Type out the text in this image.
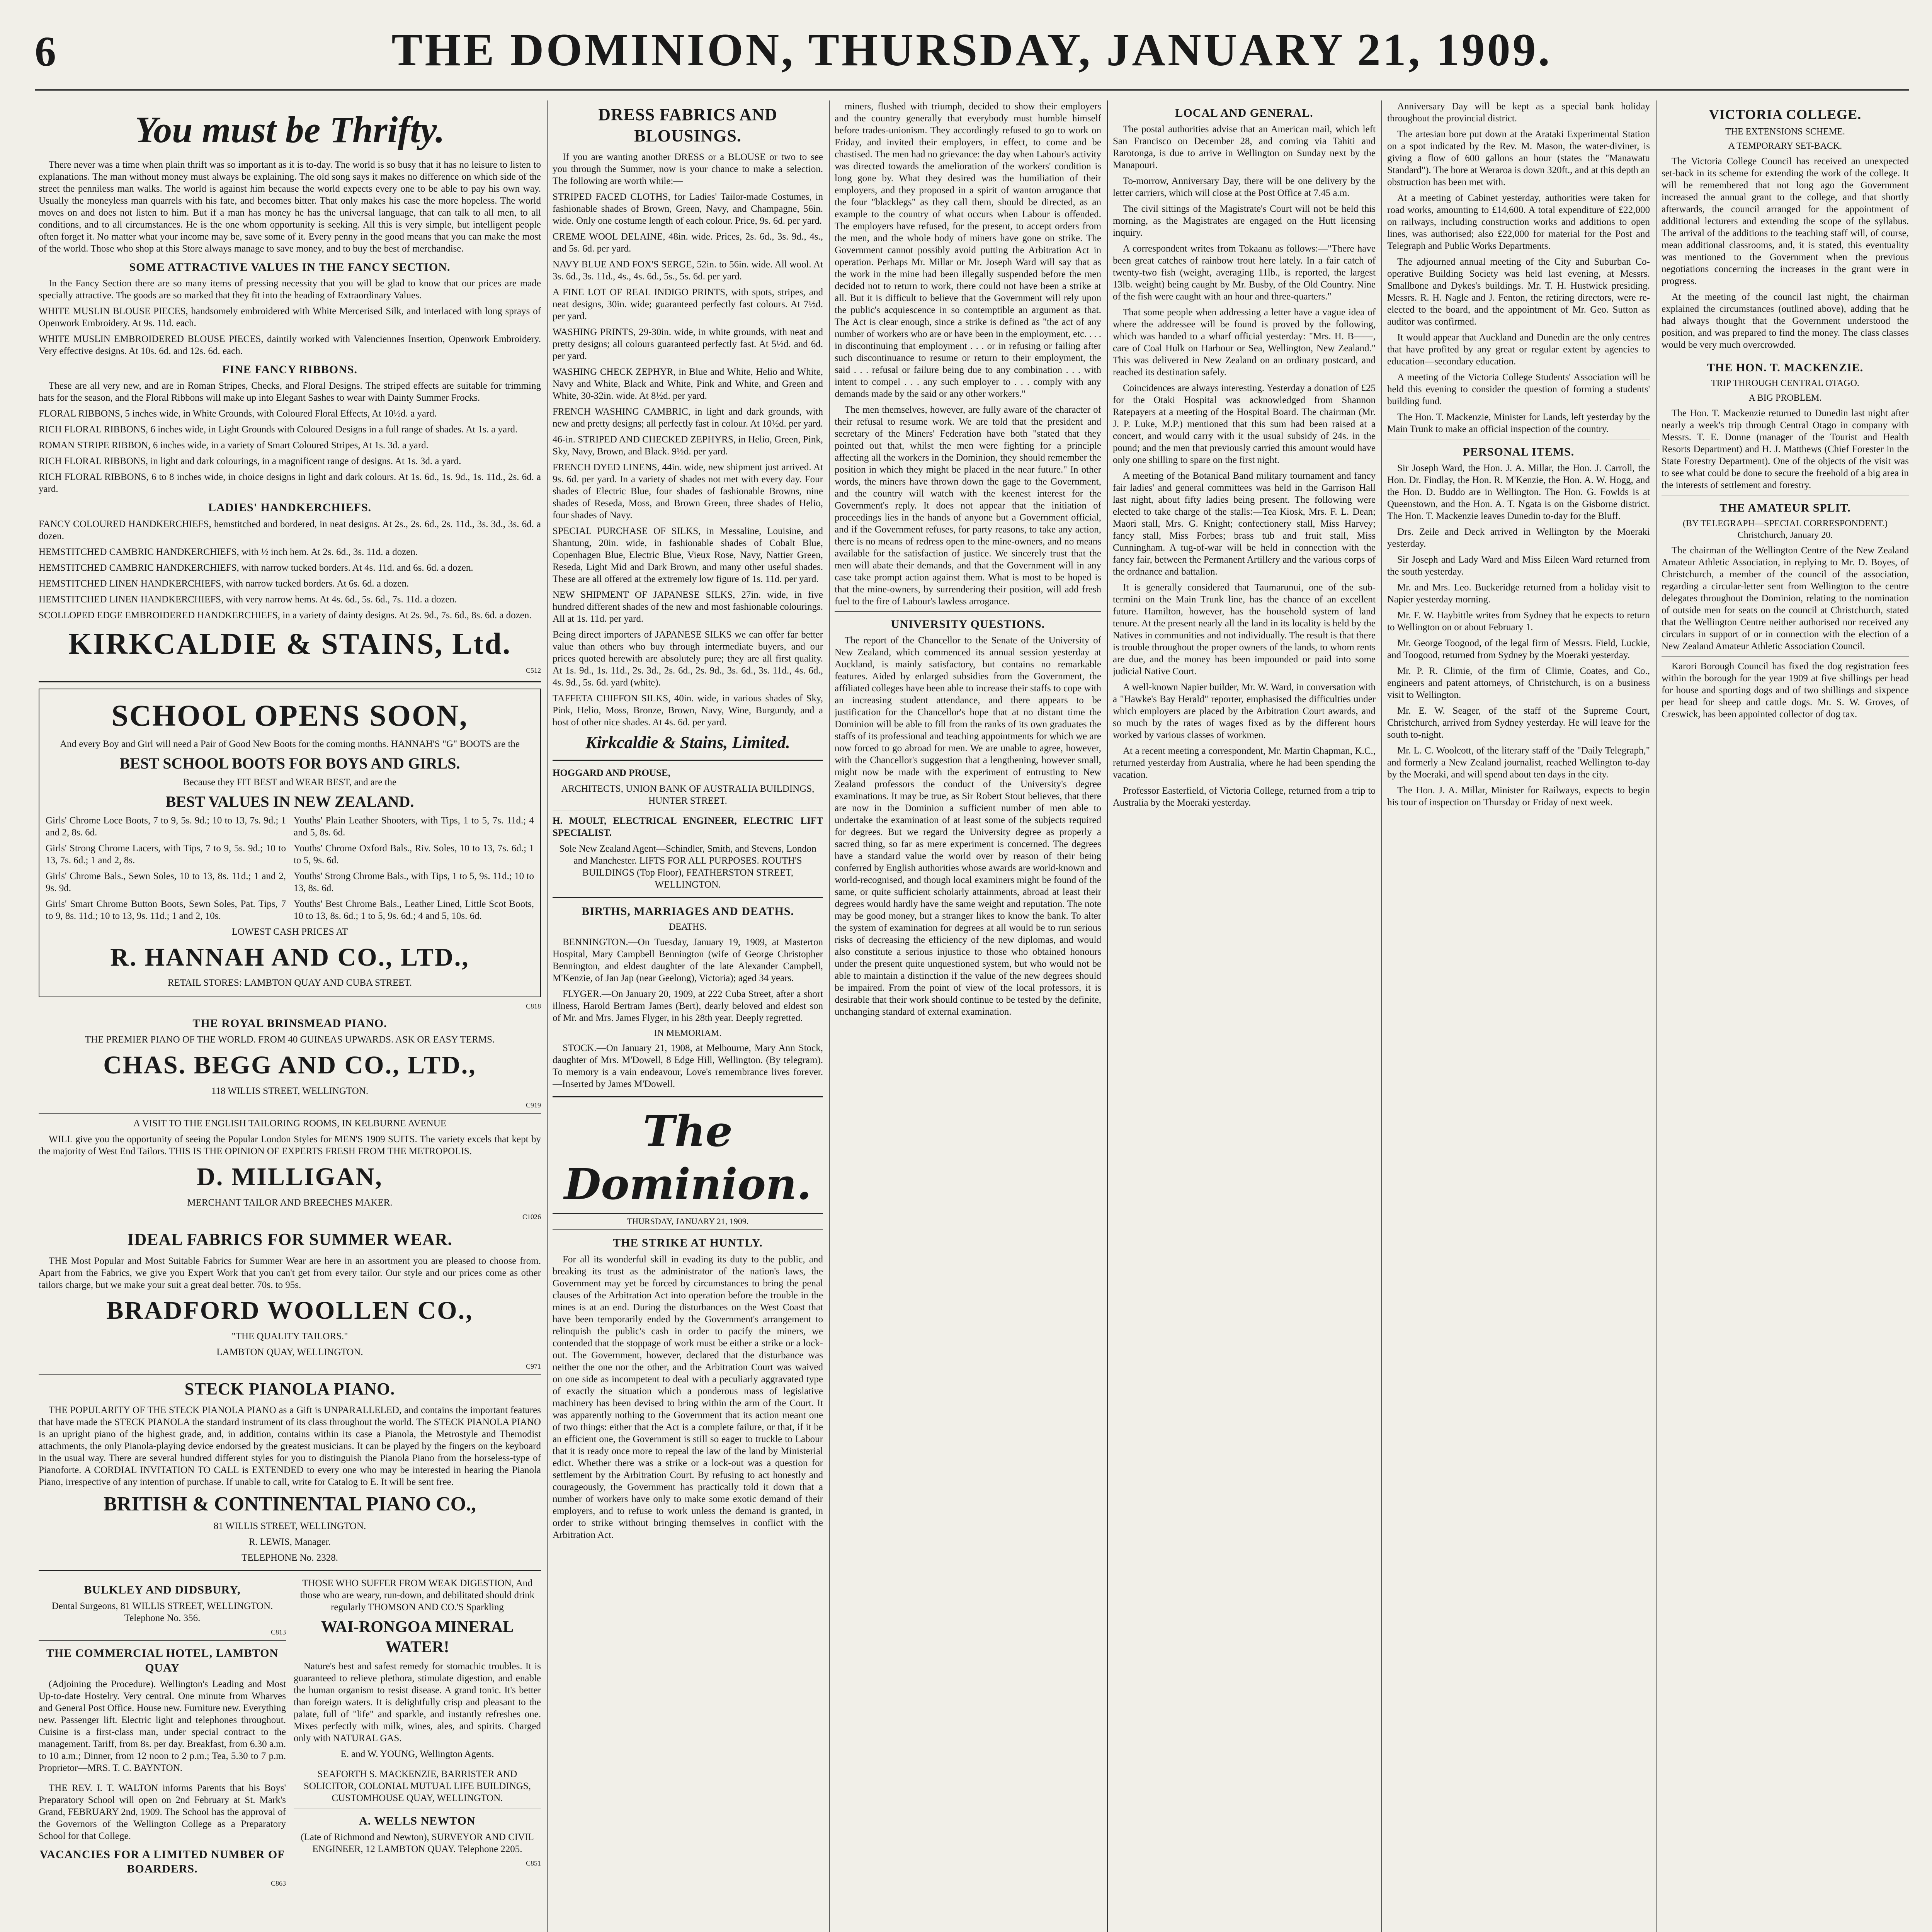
6	THE DOMINION, THURSDAY, JANUARY 21, 1909.
You must be Thrifty.

There never was a time when plain thrift was so important as it is to-day. The world is so busy that it has no leisure to listen to explanations. The man without money must always be explaining. The old song says it makes no difference on which side of the street the penniless man walks. The world is against him because the world expects every one to be able to pay his own way. Usually the moneyless man quarrels with his fate, and becomes bitter. That only makes his case the more hopeless. The world moves on and does not listen to him. But if a man has money he has the universal language, that can talk to all men, to all conditions, and to all circumstances. He is the one whom opportunity is seeking. All this is very simple, but intelligent people often forget it. No matter what your income may be, save some of it. Every penny in the good means that you can make the most of the world. Those who shop at this Store always manage to save money, and to buy the best of merchandise.

SOME ATTRACTIVE VALUES IN THE FANCY SECTION.

In the Fancy Section there are so many items of pressing necessity that you will be glad to know that our prices are made specially attractive. The goods are so marked that they fit into the heading of Extraordinary Values.

WHITE MUSLIN BLOUSE PIECES, handsomely embroidered with White Mercerised Silk, and interlaced with long sprays of Openwork Embroidery. At 9s. 11d. each.

WHITE MUSLIN EMBROIDERED BLOUSE PIECES, daintily worked with Valenciennes Insertion, Openwork Embroidery. Very effective designs. At 10s. 6d. and 12s. 6d. each.

FINE FANCY RIBBONS.

These are all very new, and are in Roman Stripes, Checks, and Floral Designs. The striped effects are suitable for trimming hats for the season, and the Floral Ribbons will make up into Elegant Sashes to wear with Dainty Summer Frocks.

FLORAL RIBBONS, 5 inches wide, in White Grounds, with Coloured Floral Effects, At 10½d. a yard.

RICH FLORAL RIBBONS, 6 inches wide, in Light Grounds with Coloured Designs in a full range of shades. At 1s. a yard.

ROMAN STRIPE RIBBON, 6 inches wide, in a variety of Smart Coloured Stripes, At 1s. 3d. a yard.

RICH FLORAL RIBBONS, in light and dark colourings, in a magnificent range of designs. At 1s. 3d. a yard.

RICH FLORAL RIBBONS, 6 to 8 inches wide, in choice designs in light and dark colours. At 1s. 6d., 1s. 9d., 1s. 11d., 2s. 6d. a yard.

LADIES' HANDKERCHIEFS.

FANCY COLOURED HANDKERCHIEFS, hemstitched and bordered, in neat designs. At 2s., 2s. 6d., 2s. 11d., 3s. 3d., 3s. 6d. a dozen.

HEMSTITCHED CAMBRIC HANDKERCHIEFS, with ½ inch hem. At 2s. 6d., 3s. 11d. a dozen.

HEMSTITCHED CAMBRIC HANDKERCHIEFS, with narrow tucked borders. At 4s. 11d. and 6s. 6d. a dozen.

HEMSTITCHED LINEN HANDKERCHIEFS, with narrow tucked borders. At 6s. 6d. a dozen.

HEMSTITCHED LINEN HANDKERCHIEFS, with very narrow hems. At 4s. 6d., 5s. 6d., 7s. 11d. a dozen.

SCOLLOPED EDGE EMBROIDERED HANDKERCHIEFS, in a variety of dainty designs. At 2s. 9d., 7s. 6d., 8s. 6d. a dozen.

KIRKCALDIE & STAINS, Ltd.

C512

SCHOOL OPENS SOON,

And every Boy and Girl will need a Pair of Good New Boots for the coming months. HANNAH'S "G" BOOTS are the

BEST SCHOOL BOOTS FOR BOYS AND GIRLS.

Because they FIT BEST and WEAR BEST, and are the

BEST VALUES IN NEW ZEALAND.

Girls' Chrome Loce Boots, 7 to 9, 5s. 9d.; 10 to 13, 7s. 9d.; 1 and 2, 8s. 6d.

Girls' Strong Chrome Lacers, with Tips, 7 to 9, 5s. 9d.; 10 to 13, 7s. 6d.; 1 and 2, 8s.

Girls' Chrome Bals., Sewn Soles, 10 to 13, 8s. 11d.; 1 and 2, 9s. 9d.

Girls' Smart Chrome Button Boots, Sewn Soles, Pat. Tips, 7 to 9, 8s. 11d.; 10 to 13, 9s. 11d.; 1 and 2, 10s.

Youths' Plain Leather Shooters, with Tips, 1 to 5, 7s. 11d.; 4 and 5, 8s. 6d.

Youths' Chrome Oxford Bals., Riv. Soles, 10 to 13, 7s. 6d.; 1 to 5, 9s. 6d.

Youths' Strong Chrome Bals., with Tips, 1 to 5, 9s. 11d.; 10 to 13, 8s. 6d.

Youths' Best Chrome Bals., Leather Lined, Little Scot Boots, 10 to 13, 8s. 6d.; 1 to 5, 9s. 6d.; 4 and 5, 10s. 6d.

LOWEST CASH PRICES AT

R. HANNAH AND CO., LTD.,

RETAIL STORES: LAMBTON QUAY AND CUBA STREET.

C818

THE ROYAL BRINSMEAD PIANO.

THE PREMIER PIANO OF THE WORLD. FROM 40 GUINEAS UPWARDS. ASK OR EASY TERMS.

CHAS. BEGG AND CO., LTD.,

118 WILLIS STREET, WELLINGTON.

C919

A VISIT TO THE ENGLISH TAILORING ROOMS, IN KELBURNE AVENUE

WILL give you the opportunity of seeing the Popular London Styles for MEN'S 1909 SUITS. The variety excels that kept by the majority of West End Tailors. THIS IS THE OPINION OF EXPERTS FRESH FROM THE METROPOLIS.

D. MILLIGAN,

MERCHANT TAILOR AND BREECHES MAKER.

C1026

IDEAL FABRICS FOR SUMMER WEAR.

THE Most Popular and Most Suitable Fabrics for Summer Wear are here in an assortment you are pleased to choose from. Apart from the Fabrics, we give you Expert Work that you can't get from every tailor. Our style and our prices come as other tailors charge, but we make your suit a great deal better. 70s. to 95s.

BRADFORD WOOLLEN CO.,

"THE QUALITY TAILORS."

LAMBTON QUAY, WELLINGTON.

C971

STECK PIANOLA PIANO.

THE POPULARITY OF THE STECK PIANOLA PIANO as a Gift is UNPARALLELED, and contains the important features that have made the STECK PIANOLA the standard instrument of its class throughout the world. The STECK PIANOLA PIANO is an upright piano of the highest grade, and, in addition, contains within its case a Pianola, the Metrostyle and Themodist attachments, the only Pianola-playing device endorsed by the greatest musicians. It can be played by the fingers on the keyboard in the usual way. There are several hundred different styles for you to distinguish the Pianola Piano from the horseless-type of Pianoforte. A CORDIAL INVITATION TO CALL is EXTENDED to every one who may be interested in hearing the Pianola Piano, irrespective of any intention of purchase. If unable to call, write for Catalog to E. It will be sent free.

BRITISH & CONTINENTAL PIANO CO.,

81 WILLIS STREET, WELLINGTON.

R. LEWIS, Manager.

TELEPHONE No. 2328.

BULKLEY AND DIDSBURY,

Dental Surgeons, 81 WILLIS STREET, WELLINGTON. Telephone No. 356.

C813

THE COMMERCIAL HOTEL, LAMBTON QUAY

(Adjoining the Procedure). Wellington's Leading and Most Up-to-date Hostelry. Very central. One minute from Wharves and General Post Office. House new. Furniture new. Everything new. Passenger lift. Electric light and telephones throughout. Cuisine is a first-class man, under special contract to the management. Tariff, from 8s. per day. Breakfast, from 6.30 a.m. to 10 a.m.; Dinner, from 12 noon to 2 p.m.; Tea, 5.30 to 7 p.m. Proprietor—MRS. T. C. BAYNTON.

THE REV. I. T. WALTON informs Parents that his Boys' Preparatory School will open on 2nd February at St. Mark's Grand, FEBRUARY 2nd, 1909. The School has the approval of the Governors of the Wellington College as a Preparatory School for that College.

VACANCIES FOR A LIMITED NUMBER OF BOARDERS.

C863

THOSE WHO SUFFER FROM WEAK DIGESTION, And those who are weary, run-down, and debilitated should drink regularly THOMSON AND CO.'S Sparkling

WAI-RONGOA MINERAL WATER!

Nature's best and safest remedy for stomachic troubles. It is guaranteed to relieve plethora, stimulate digestion, and enable the human organism to resist disease. A grand tonic. It's better than foreign waters. It is delightfully crisp and pleasant to the palate, full of "life" and sparkle, and instantly refreshes one. Mixes perfectly with milk, wines, ales, and spirits. Charged only with NATURAL GAS.

E. and W. YOUNG, Wellington Agents.

SEAFORTH S. MACKENZIE, BARRISTER AND SOLICITOR, COLONIAL MUTUAL LIFE BUILDINGS, CUSTOMHOUSE QUAY, WELLINGTON.

A. WELLS NEWTON

(Late of Richmond and Newton), SURVEYOR AND CIVIL ENGINEER, 12 LAMBTON QUAY. Telephone 2205.

C851

DRESS FABRICS AND BLOUSINGS.

If you are wanting another DRESS or a BLOUSE or two to see you through the Summer, now is your chance to make a selection. The following are worth while:—

STRIPED FACED CLOTHS, for Ladies' Tailor-made Costumes, in fashionable shades of Brown, Green, Navy, and Champagne, 56in. wide. Only one costume length of each colour. Price, 9s. 6d. per yard.

CREME WOOL DELAINE, 48in. wide. Prices, 2s. 6d., 3s. 9d., 4s., and 5s. 6d. per yard.

NAVY BLUE AND FOX'S SERGE, 52in. to 56in. wide. All wool. At 3s. 6d., 3s. 11d., 4s., 4s. 6d., 5s., 5s. 6d. per yard.

A FINE LOT OF REAL INDIGO PRINTS, with spots, stripes, and neat designs, 30in. wide; guaranteed perfectly fast colours. At 7½d. per yard.

WASHING PRINTS, 29-30in. wide, in white grounds, with neat and pretty designs; all colours guaranteed perfectly fast. At 5½d. and 6d. per yard.

WASHING CHECK ZEPHYR, in Blue and White, Helio and White, Navy and White, Black and White, Pink and White, and Green and White, 30-32in. wide. At 8½d. per yard.

FRENCH WASHING CAMBRIC, in light and dark grounds, with new and pretty designs; all perfectly fast in colour. At 10½d. per yard.

46-in. STRIPED AND CHECKED ZEPHYRS, in Helio, Green, Pink, Sky, Navy, Brown, and Black. 9½d. per yard.

FRENCH DYED LINENS, 44in. wide, new shipment just arrived. At 9s. 6d. per yard. In a variety of shades not met with every day. Four shades of Electric Blue, four shades of fashionable Browns, nine shades of Reseda, Moss, and Brown Green, three shades of Helio, four shades of Navy.

SPECIAL PURCHASE OF SILKS, in Messaline, Louisine, and Shantung, 20in. wide, in fashionable shades of Cobalt Blue, Copenhagen Blue, Electric Blue, Vieux Rose, Navy, Nattier Green, Reseda, Light Mid and Dark Brown, and many other useful shades. These are all offered at the extremely low figure of 1s. 11d. per yard.

NEW SHIPMENT OF JAPANESE SILKS, 27in. wide, in five hundred different shades of the new and most fashionable colourings. All at 1s. 11d. per yard.

Being direct importers of JAPANESE SILKS we can offer far better value than others who buy through intermediate buyers, and our prices quoted herewith are absolutely pure; they are all first quality. At 1s. 9d., 1s. 11d., 2s. 3d., 2s. 6d., 2s. 9d., 3s. 6d., 3s. 11d., 4s. 6d., 4s. 9d., 5s. 6d. yard (white).

TAFFETA CHIFFON SILKS, 40in. wide, in various shades of Sky, Pink, Helio, Moss, Bronze, Brown, Navy, Wine, Burgundy, and a host of other nice shades. At 4s. 6d. per yard.

Kirkcaldie & Stains, Limited.

HOGGARD AND PROUSE,

ARCHITECTS, UNION BANK OF AUSTRALIA BUILDINGS, HUNTER STREET.

H. MOULT, ELECTRICAL ENGINEER, ELECTRIC LIFT SPECIALIST.

Sole New Zealand Agent—Schindler, Smith, and Stevens, London and Manchester. LIFTS FOR ALL PURPOSES. ROUTH'S BUILDINGS (Top Floor), FEATHERSTON STREET, WELLINGTON.

BIRTHS, MARRIAGES AND DEATHS.
DEATHS.

BENNINGTON.—On Tuesday, January 19, 1909, at Masterton Hospital, Mary Campbell Bennington (wife of George Christopher Bennington, and eldest daughter of the late Alexander Campbell, M'Kenzie, of Jan Jap (near Geelong), Victoria); aged 34 years.

FLYGER.—On January 20, 1909, at 222 Cuba Street, after a short illness, Harold Bertram James (Bert), dearly beloved and eldest son of Mr. and Mrs. James Flyger, in his 28th year. Deeply regretted.

IN MEMORIAM.

STOCK.—On January 21, 1908, at Melbourne, Mary Ann Stock, daughter of Mrs. M'Dowell, 8 Edge Hill, Wellington. (By telegram). To memory is a vain endeavour, Love's remembrance lives forever. —Inserted by James M'Dowell.

The Dominion.
THURSDAY, JANUARY 21, 1909.
THE STRIKE AT HUNTLY.

For all its wonderful skill in evading its duty to the public, and breaking its trust as the administrator of the nation's laws, the Government may yet be forced by circumstances to bring the penal clauses of the Arbitration Act into operation before the trouble in the mines is at an end. During the disturbances on the West Coast that have been temporarily ended by the Government's arrangement to relinquish the public's cash in order to pacify the miners, we contended that the stoppage of work must be either a strike or a lock-out. The Government, however, declared that the disturbance was neither the one nor the other, and the Arbitration Court was waived on one side as incompetent to deal with a peculiarly aggravated type of exactly the situation which a ponderous mass of legislative machinery has been devised to bring within the arm of the Court. It was apparently nothing to the Government that its action meant one of two things: either that the Act is a complete failure, or that, if it be an efficient one, the Government is still so eager to truckle to Labour that it is ready once more to repeal the law of the land by Ministerial edict. Whether there was a strike or a lock-out was a question for settlement by the Arbitration Court. By refusing to act honestly and courageously, the Government has practically told it down that a number of workers have only to make some exotic demand of their employers, and to refuse to work unless the demand is granted, in order to strike without bringing themselves in conflict with the Arbitration Act.

miners, flushed with triumph, decided to show their employers and the country generally that everybody must humble himself before trades-unionism. They accordingly refused to go to work on Friday, and invited their employers, in effect, to come and be chastised. The men had no grievance: the day when Labour's activity was directed towards the amelioration of the workers' condition is long gone by. What they desired was the humiliation of their employers, and they proposed in a spirit of wanton arrogance that the four "blacklegs" as they call them, should be directed, as an example to the country of what occurs when Labour is offended. The employers have refused, for the present, to accept orders from the men, and the whole body of miners have gone on strike. The Government cannot possibly avoid putting the Arbitration Act in operation. Perhaps Mr. Millar or Mr. Joseph Ward will say that as the work in the mine had been illegally suspended before the men decided not to return to work, there could not have been a strike at all. But it is difficult to believe that the Government will rely upon the public's acquiescence in so contemptible an argument as that. The Act is clear enough, since a strike is defined as "the act of any number of workers who are or have been in the employment, etc. . . . in discontinuing that employment . . . or in refusing or failing after such discontinuance to resume or return to their employment, the said . . . refusal or failure being due to any combination . . . with intent to compel . . . any such employer to . . . comply with any demands made by the said or any other workers."

The men themselves, however, are fully aware of the character of their refusal to resume work. We are told that the president and secretary of the Miners' Federation have both "stated that they pointed out that, whilst the men were fighting for a principle affecting all the workers in the Dominion, they should remember the position in which they might be placed in the near future." In other words, the miners have thrown down the gage to the Government, and the country will watch with the keenest interest for the Government's reply. It does not appear that the initiation of proceedings lies in the hands of anyone but a Government official, and if the Government refuses, for party reasons, to take any action, there is no means of redress open to the mine-owners, and no means available for the satisfaction of justice. We sincerely trust that the men will abate their demands, and that the Government will in any case take prompt action against them. What is most to be hoped is that the mine-owners, by surrendering their position, will add fresh fuel to the fire of Labour's lawless arrogance.

UNIVERSITY QUESTIONS.

The report of the Chancellor to the Senate of the University of New Zealand, which commenced its annual session yesterday at Auckland, is mainly satisfactory, but contains no remarkable features. Aided by enlarged subsidies from the Government, the affiliated colleges have been able to increase their staffs to cope with an increasing student attendance, and there appears to be justification for the Chancellor's hope that at no distant time the Dominion will be able to fill from the ranks of its own graduates the staffs of its professional and teaching appointments for which we are now forced to go abroad for men. We are unable to agree, however, with the Chancellor's suggestion that a lengthening, however small, might now be made with the experiment of entrusting to New Zealand professors the conduct of the University's degree examinations. It may be true, as Sir Robert Stout believes, that there are now in the Dominion a sufficient number of men able to undertake the examination of at least some of the subjects required for degrees. But we regard the University degree as properly a sacred thing, so far as mere experiment is concerned. The degrees have a standard value the world over by reason of their being conferred by English authorities whose awards are world-known and world-recognised, and though local examiners might be found of the same, or quite sufficient scholarly attainments, abroad at least their degrees would hardly have the same weight and reputation. The note may be good money, but a stranger likes to know the bank. To alter the system of examination for degrees at all would be to run serious risks of decreasing the efficiency of the new diplomas, and would also constitute a serious injustice to those who obtained honours under the present quite unquestioned system, but who would not be able to maintain a distinction if the value of the new degrees should be impaired. From the point of view of the local professors, it is desirable that their work should continue to be tested by the definite, unchanging standard of external examination.

LOCAL AND GENERAL.

The postal authorities advise that an American mail, which left San Francisco on December 28, and coming via Tahiti and Rarotonga, is due to arrive in Wellington on Sunday next by the Manapouri.

To-morrow, Anniversary Day, there will be one delivery by the letter carriers, which will close at the Post Office at 7.45 a.m.

The civil sittings of the Magistrate's Court will not be held this morning, as the Magistrates are engaged on the Hutt licensing inquiry.

A correspondent writes from Tokaanu as follows:—"There have been great catches of rainbow trout here lately. In a fair catch of twenty-two fish (weight, averaging 11lb., is reported, the largest 13lb. weight) being caught by Mr. Busby, of the Old Country. Nine of the fish were caught with an hour and three-quarters."

That some people when addressing a letter have a vague idea of where the addressee will be found is proved by the following, which was handed to a wharf official yesterday: "Mrs. H. B——, care of Coal Hulk on Harbour or Sea, Wellington, New Zealand." This was delivered in New Zealand on an ordinary postcard, and reached its destination safely.

Coincidences are always interesting. Yesterday a donation of £25 for the Otaki Hospital was acknowledged from Shannon Ratepayers at a meeting of the Hospital Board. The chairman (Mr. J. P. Luke, M.P.) mentioned that this sum had been raised at a concert, and would carry with it the usual subsidy of 24s. in the pound; and the men that previously carried this amount would have only one shilling to spare on the first night.

A meeting of the Botanical Band military tournament and fancy fair ladies' and general committees was held in the Garrison Hall last night, about fifty ladies being present. The following were elected to take charge of the stalls:—Tea Kiosk, Mrs. F. L. Dean; Maori stall, Mrs. G. Knight; confectionery stall, Miss Harvey; fancy stall, Miss Forbes; brass tub and fruit stall, Miss Cunningham. A tug-of-war will be held in connection with the fancy fair, between the Permanent Artillery and the various corps of the ordnance and battalion.

It is generally considered that Taumarunui, one of the sub-termini on the Main Trunk line, has the chance of an excellent future. Hamilton, however, has the household system of land tenure. At the present nearly all the land in its locality is held by the Natives in communities and not individually. The result is that there is trouble throughout the proper owners of the lands, to whom rents are due, and the money has been impounded or paid into some judicial Native Court.

A well-known Napier builder, Mr. W. Ward, in conversation with a "Hawke's Bay Herald" reporter, emphasised the difficulties under which employers are placed by the Arbitration Court awards, and so much by the rates of wages fixed as by the different hours worked by various classes of workmen.

At a recent meeting a correspondent, Mr. Martin Chapman, K.C., returned yesterday from Australia, where he had been spending the vacation.

Professor Easterfield, of Victoria College, returned from a trip to Australia by the Moeraki yesterday.

Anniversary Day will be kept as a special bank holiday throughout the provincial district.

The artesian bore put down at the Arataki Experimental Station on a spot indicated by the Rev. M. Mason, the water-diviner, is giving a flow of 600 gallons an hour (states the "Manawatu Standard"). The bore at Weraroa is down 320ft., and at this depth an obstruction has been met with.

At a meeting of Cabinet yesterday, authorities were taken for road works, amounting to £14,600. A total expenditure of £22,000 on railways, including construction works and additions to open lines, was authorised; also £22,000 for material for the Post and Telegraph and Public Works Departments.

The adjourned annual meeting of the City and Suburban Co-operative Building Society was held last evening, at Messrs. Smallbone and Dykes's buildings. Mr. T. H. Hustwick presiding. Messrs. R. H. Nagle and J. Fenton, the retiring directors, were re-elected to the board, and the appointment of Mr. Geo. Sutton as auditor was confirmed.

It would appear that Auckland and Dunedin are the only centres that have profited by any great or regular extent by agencies to education—secondary education.

A meeting of the Victoria College Students' Association will be held this evening to consider the question of forming a students' building fund.

The Hon. T. Mackenzie, Minister for Lands, left yesterday by the Main Trunk to make an official inspection of the country.

PERSONAL ITEMS.

Sir Joseph Ward, the Hon. J. A. Millar, the Hon. J. Carroll, the Hon. Dr. Findlay, the Hon. R. M'Kenzie, the Hon. A. W. Hogg, and the Hon. D. Buddo are in Wellington. The Hon. G. Fowlds is at Queenstown, and the Hon. A. T. Ngata is on the Gisborne district. The Hon. T. Mackenzie leaves Dunedin to-day for the Bluff.

Drs. Zeile and Deck arrived in Wellington by the Moeraki yesterday.

Sir Joseph and Lady Ward and Miss Eileen Ward returned from the south yesterday.

Mr. and Mrs. Leo. Buckeridge returned from a holiday visit to Napier yesterday morning.

Mr. F. W. Haybittle writes from Sydney that he expects to return to Wellington on or about February 1.

Mr. George Toogood, of the legal firm of Messrs. Field, Luckie, and Toogood, returned from Sydney by the Moeraki yesterday.

Mr. P. R. Climie, of the firm of Climie, Coates, and Co., engineers and patent attorneys, of Christchurch, is on a business visit to Wellington.

Mr. E. W. Seager, of the staff of the Supreme Court, Christchurch, arrived from Sydney yesterday. He will leave for the south to-night.

Mr. L. C. Woolcott, of the literary staff of the "Daily Telegraph," and formerly a New Zealand journalist, reached Wellington to-day by the Moeraki, and will spend about ten days in the city.

The Hon. J. A. Millar, Minister for Railways, expects to begin his tour of inspection on Thursday or Friday of next week.

VICTORIA COLLEGE.
THE EXTENSIONS SCHEME.
A TEMPORARY SET-BACK.

The Victoria College Council has received an unexpected set-back in its scheme for extending the work of the college. It will be remembered that not long ago the Government increased the annual grant to the college, and that shortly afterwards, the council arranged for the appointment of additional lecturers and extending the scope of the syllabus. The arrival of the additions to the teaching staff will, of course, mean additional classrooms, and, it is stated, this eventuality was mentioned to the Government when the previous negotiations concerning the increases in the grant were in progress.

At the meeting of the council last night, the chairman explained the circumstances (outlined above), adding that he had always thought that the Government understood the position, and was prepared to find the money. The class classes would be very much overcrowded.

THE HON. T. MACKENZIE.
TRIP THROUGH CENTRAL OTAGO.
A BIG PROBLEM.

The Hon. T. Mackenzie returned to Dunedin last night after nearly a week's trip through Central Otago in company with Messrs. T. E. Donne (manager of the Tourist and Health Resorts Department) and H. J. Matthews (Chief Forester in the State Forestry Department). One of the objects of the visit was to see what could be done to secure the freehold of a big area in the interests of settlement and forestry.

THE AMATEUR SPLIT.
(BY TELEGRAPH—SPECIAL CORRESPONDENT.) Christchurch, January 20.

The chairman of the Wellington Centre of the New Zealand Amateur Athletic Association, in replying to Mr. D. Boyes, of Christchurch, a member of the council of the association, regarding a circular-letter sent from Wellington to the centre delegates throughout the Dominion, relating to the nomination of outside men for seats on the council at Christchurch, stated that the Wellington Centre neither authorised nor received any circulars in support of or in connection with the election of a New Zealand Amateur Athletic Association Council.

Karori Borough Council has fixed the dog registration fees within the borough for the year 1909 at five shillings per head for house and sporting dogs and of two shillings and sixpence per head for sheep and cattle dogs. Mr. S. W. Groves, of Creswick, has been appointed collector of dog tax.
